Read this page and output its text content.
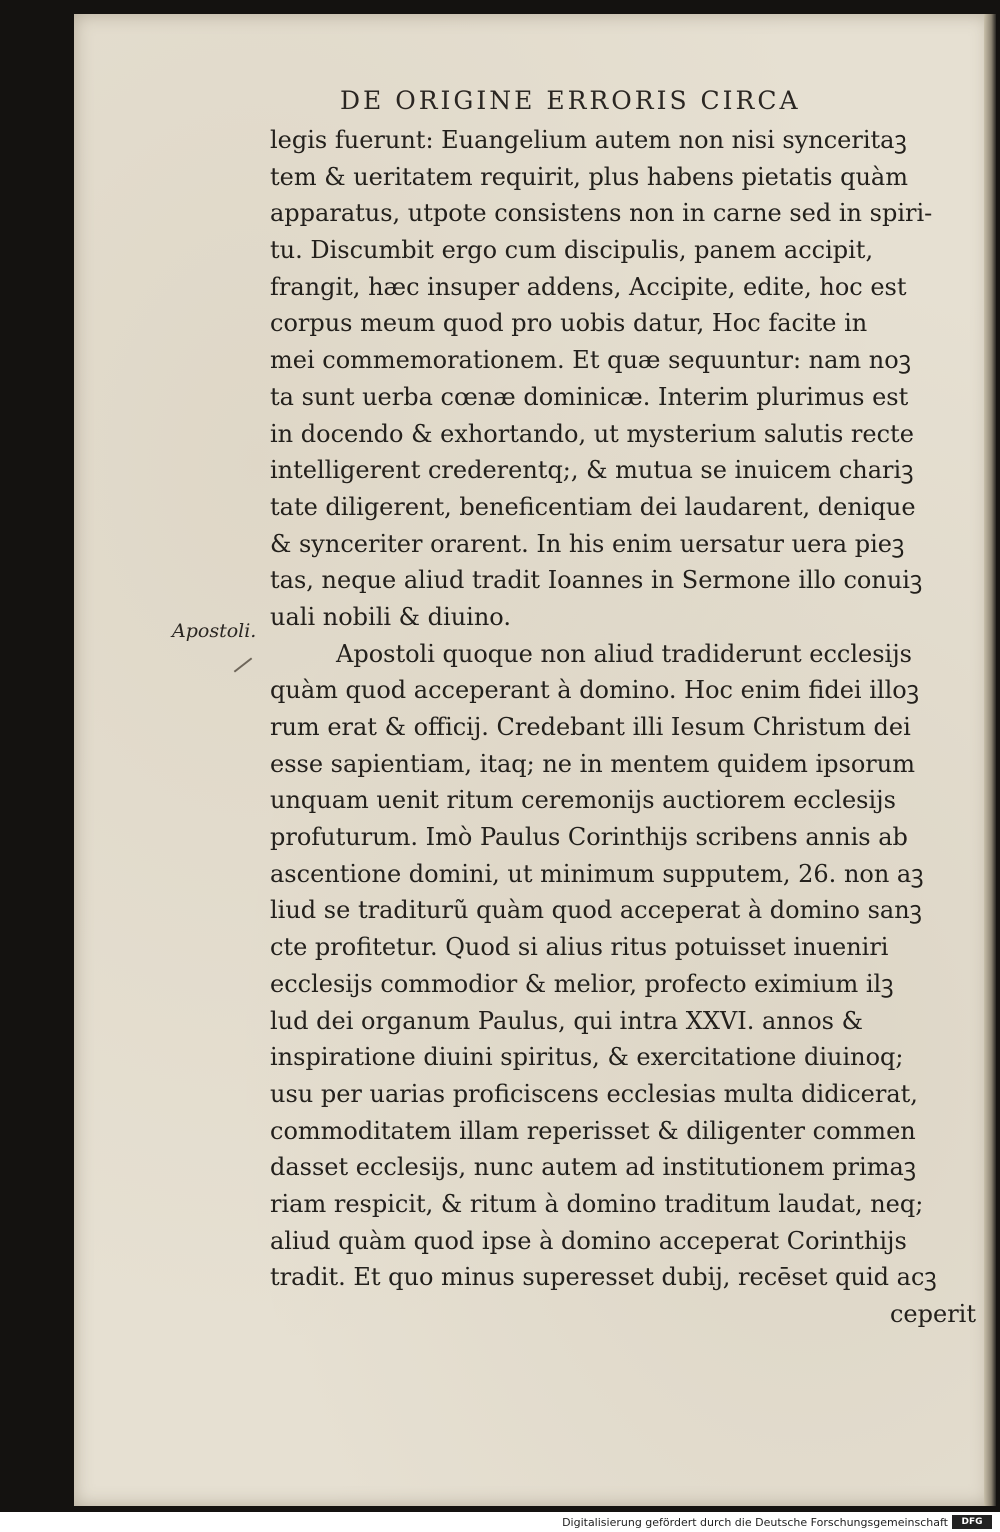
DE ORIGINE ERRORIS CIRCA
Apostoli.
legis fuerunt: Euangelium autem non nisi synceritaꝫ
tem & ueritatem requirit, plus habens pietatis quàm
apparatus, utpote consistens non in carne sed in spiri-
tu. Discumbit ergo cum discipulis, panem accipit,
frangit, hæc insuper addens, Accipite, edite, hoc est
corpus meum quod pro uobis datur, Hoc facite in
mei commemorationem. Et quæ sequuntur: nam noꝫ
ta sunt uerba cœnæ dominicæ. Interim plurimus est
in docendo & exhortando, ut mysterium salutis recte
intelligerent crederentq;, & mutua se inuicem chariꝫ
tate diligerent, beneficentiam dei laudarent, denique
& synceriter orarent. In his enim uersatur uera pieꝫ
tas, neque aliud tradit Ioannes in Sermone illo conuiꝫ
uali nobili & diuino.
Apostoli quoque non aliud tradiderunt ecclesijs
quàm quod acceperant à domino. Hoc enim fidei illoꝫ
rum erat & officij. Credebant illi Iesum Christum dei
esse sapientiam, itaq; ne in mentem quidem ipsorum
unquam uenit ritum ceremonijs auctiorem ecclesijs
profuturum. Imò Paulus Corinthijs scribens annis ab
ascentione domini, ut minimum supputem, 26. non aꝫ
liud se traditurũ quàm quod acceperat à domino sanꝫ
cte profitetur. Quod si alius ritus potuisset inueniri
ecclesijs commodior & melior, profecto eximium ilꝫ
lud dei organum Paulus, qui intra XXVI. annos &
inspiratione diuini spiritus, & exercitatione diuinoq;
usu per uarias proficiscens ecclesias multa didicerat,
commoditatem illam reperisset & diligenter commen
dasset ecclesijs, nunc autem ad institutionem primaꝫ
riam respicit, & ritum à domino traditum laudat, neq;
aliud quàm quod ipse à domino acceperat Corinthijs
tradit. Et quo minus superesset dubij, recēset quid acꝫ
ceperit
Digitalisierung gefördert durch die Deutsche Forschungsgemeinschaft	DFG
